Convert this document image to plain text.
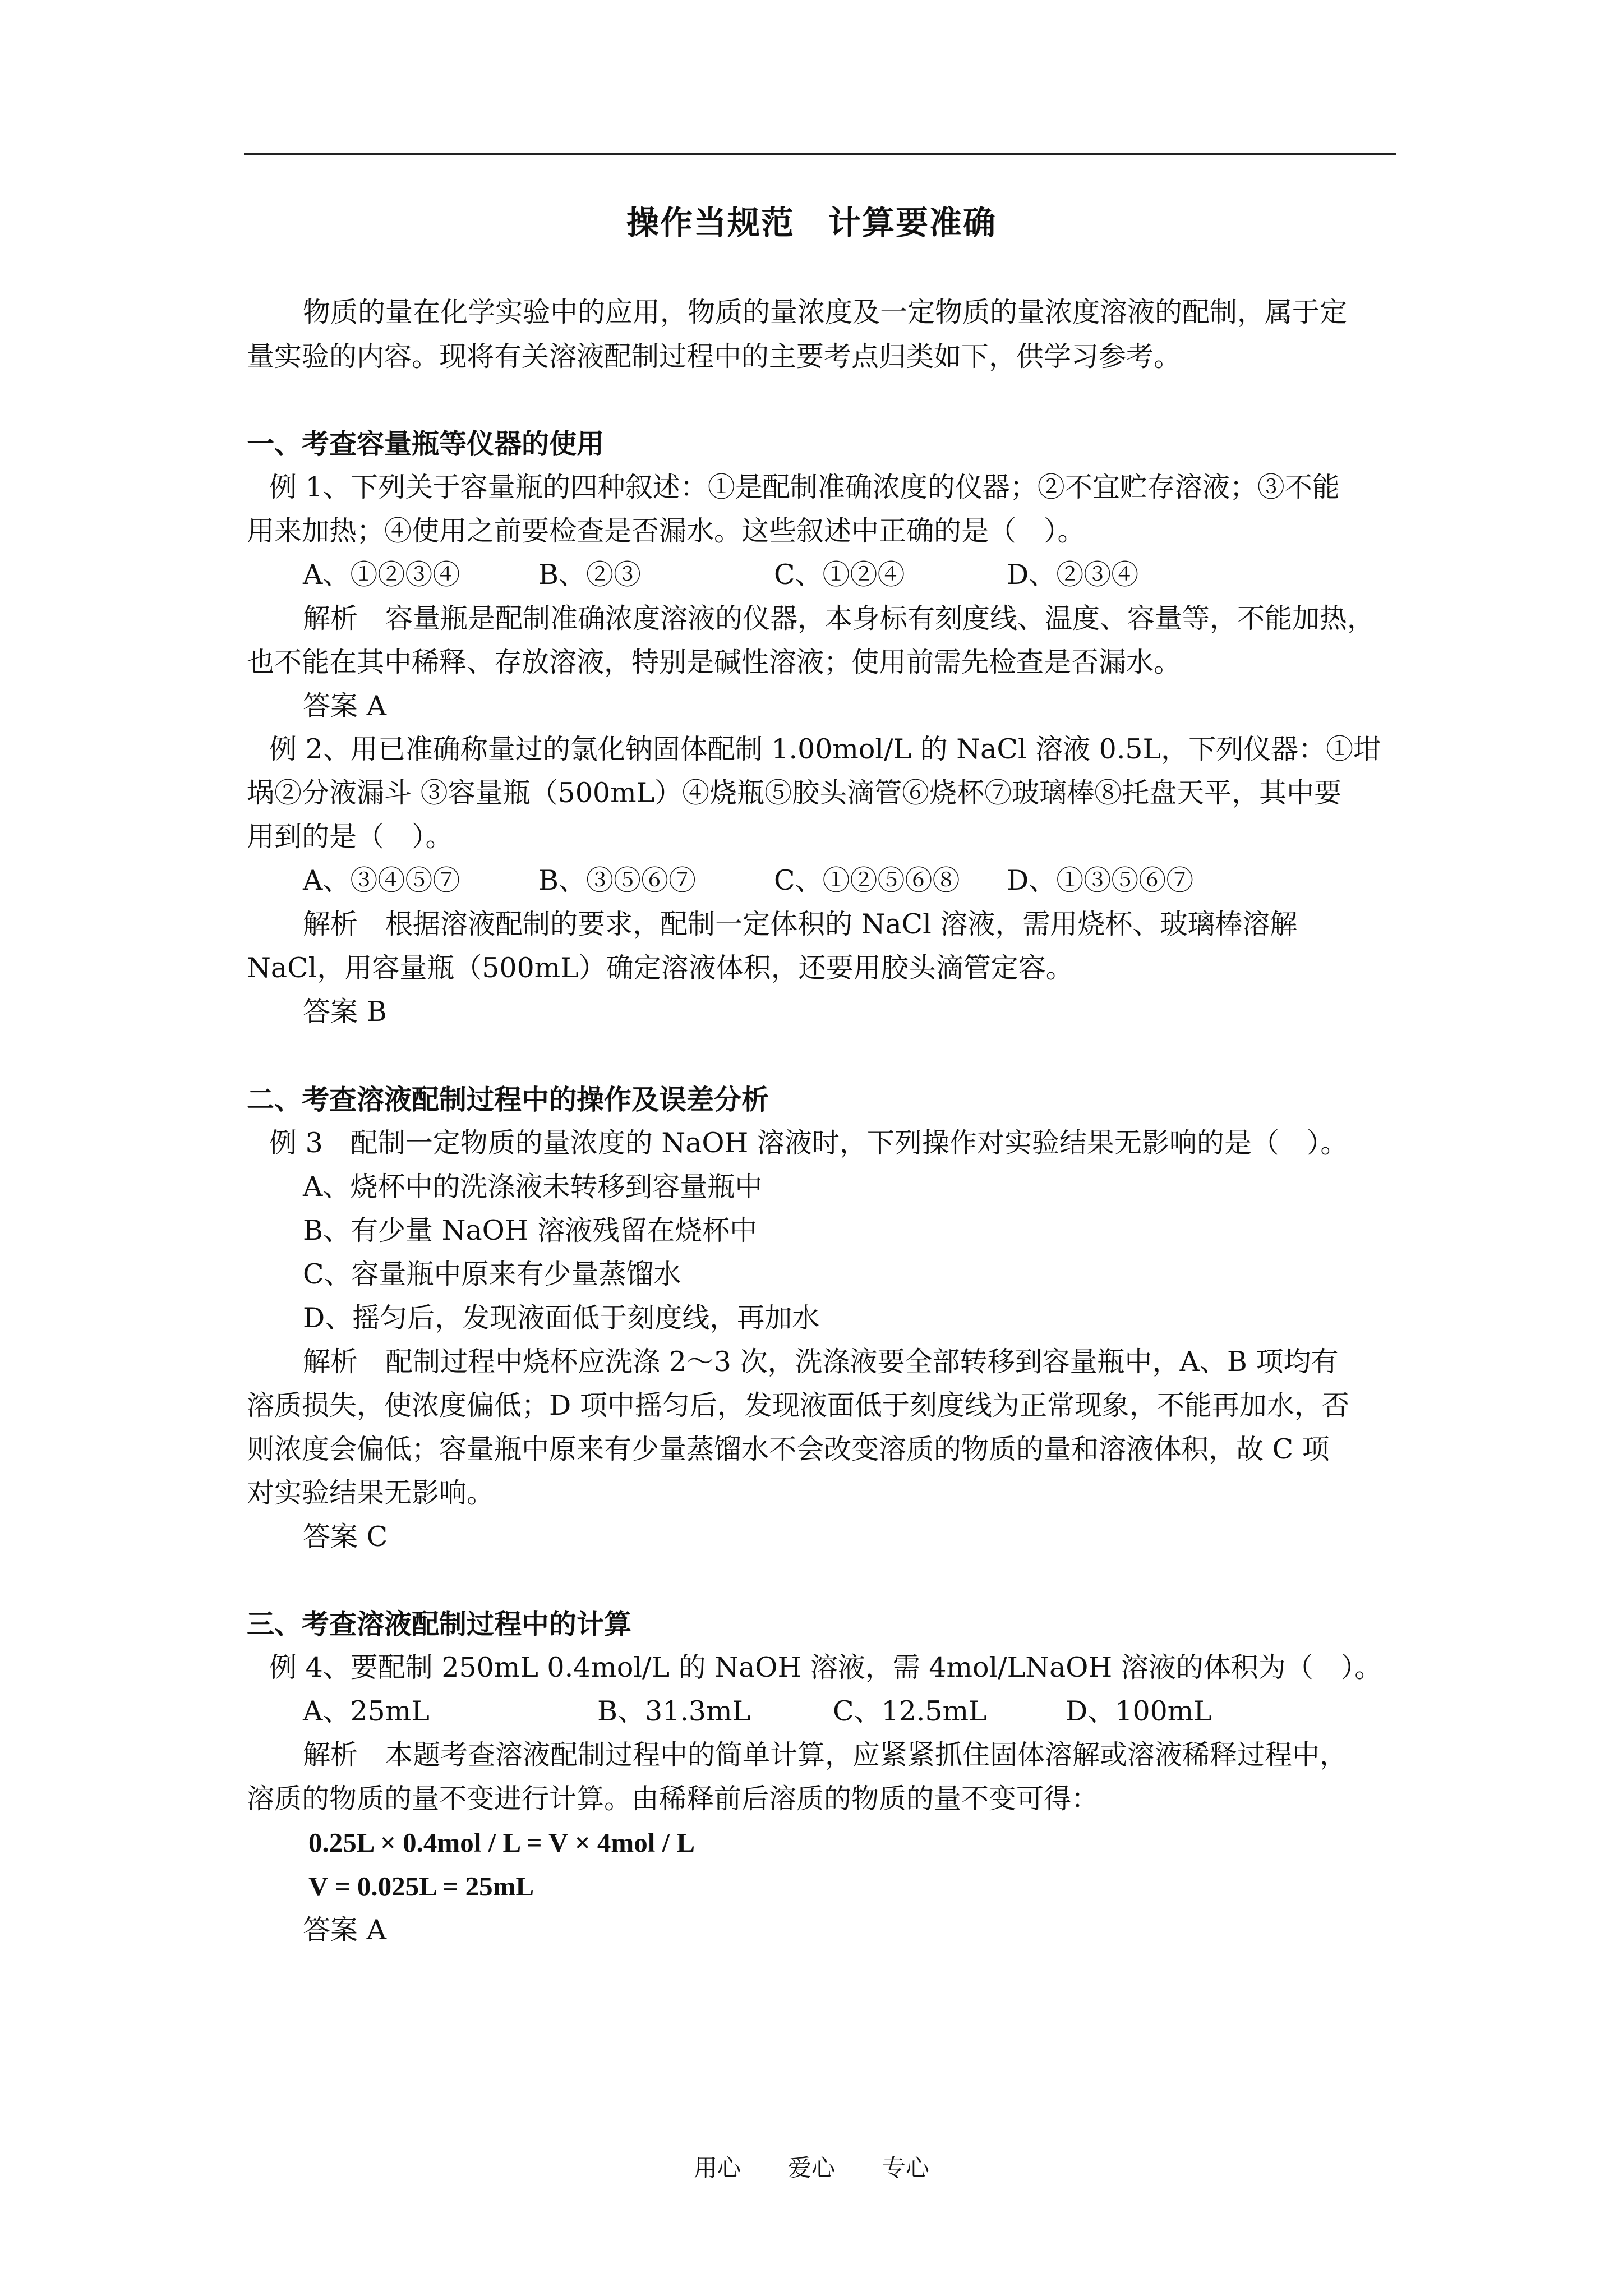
操作当规范　计算要准确
物质的量在化学实验中的应用，物质的量浓度及一定物质的量浓度溶液的配制，属于定
量实验的内容。现将有关溶液配制过程中的主要考点归类如下，供学习参考。
一、考查容量瓶等仪器的使用
例 1、下列关于容量瓶的四种叙述：①是配制准确浓度的仪器；②不宜贮存溶液；③不能
用来加热；④使用之前要检查是否漏水。这些叙述中正确的是（　）。
A、①②③④	B、②③	C、①②④	D、②③④
解析　容量瓶是配制准确浓度溶液的仪器，本身标有刻度线、温度、容量等，不能加热，
也不能在其中稀释、存放溶液，特别是碱性溶液；使用前需先检查是否漏水。
答案 A
例 2、用已准确称量过的氯化钠固体配制 1.00mol/L 的 NaCl 溶液 0.5L，下列仪器：①坩
埚②分液漏斗 ③容量瓶（500mL）④烧瓶⑤胶头滴管⑥烧杯⑦玻璃棒⑧托盘天平，其中要
用到的是（　）。
A、③④⑤⑦	B、③⑤⑥⑦	C、①②⑤⑥⑧ D、①③⑤⑥⑦
解析　根据溶液配制的要求，配制一定体积的 NaCl 溶液，需用烧杯、玻璃棒溶解
NaCl，用容量瓶（500mL）确定溶液体积，还要用胶头滴管定容。
答案 B
二、考查溶液配制过程中的操作及误差分析
例 3　配制一定物质的量浓度的 NaOH 溶液时，下列操作对实验结果无影响的是（　）。
A、烧杯中的洗涤液未转移到容量瓶中
B、有少量 NaOH 溶液残留在烧杯中
C、容量瓶中原来有少量蒸馏水
D、摇匀后，发现液面低于刻度线，再加水
解析　配制过程中烧杯应洗涤 2～3 次，洗涤液要全部转移到容量瓶中，A、B 项均有
溶质损失，使浓度偏低；D 项中摇匀后，发现液面低于刻度线为正常现象，不能再加水，否
则浓度会偏低；容量瓶中原来有少量蒸馏水不会改变溶质的物质的量和溶液体积，故 C 项
对实验结果无影响。
答案 C
三、考查溶液配制过程中的计算
例 4、要配制 250mL 0.4mol/L 的 NaOH 溶液，需 4mol/LNaOH 溶液的体积为（　）。
A、25mL	B、31.3mL	C、12.5mL	D、100mL
解析　本题考查溶液配制过程中的简单计算，应紧紧抓住固体溶解或溶液稀释过程中，
溶质的物质的量不变进行计算。由稀释前后溶质的物质的量不变可得：
0.25L × 0.4mol / L = V × 4mol / L
V = 0.025L = 25mL
答案 A
用心　　爱心　　专心
